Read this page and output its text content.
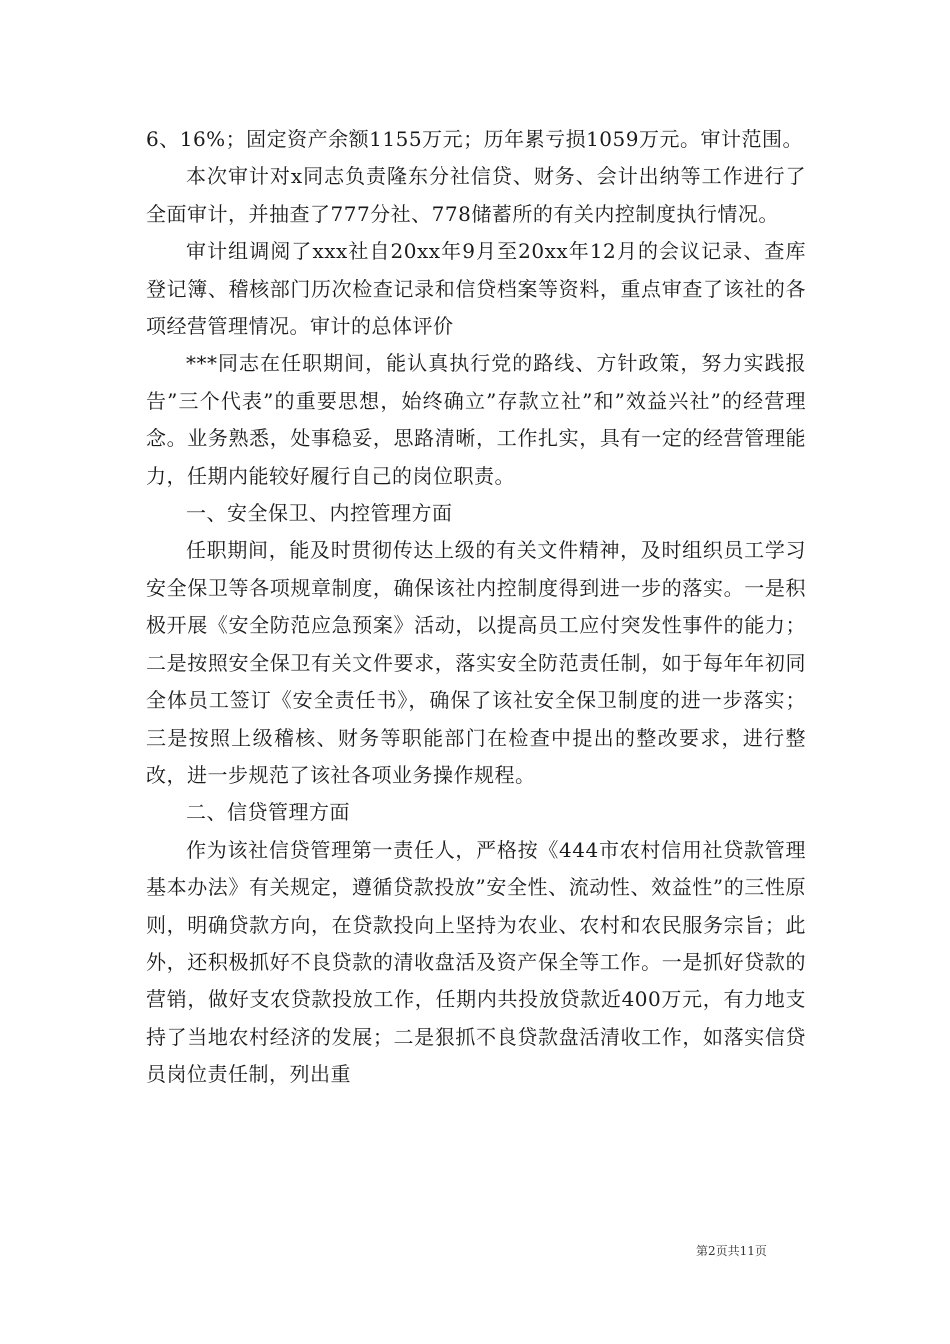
6、16%；固定资产余额1155万元；历年累亏损1059万元。审计范围。

本次审计对x同志负责隆东分社信贷、财务、会计出纳等工作进行了全面审计，并抽查了777分社、778储蓄所的有关内控制度执行情况。

审计组调阅了xxx社自20xx年9月至20xx年12月的会议记录、查库登记簿、稽核部门历次检查记录和信贷档案等资料，重点审查了该社的各项经营管理情况。审计的总体评价

***同志在任职期间，能认真执行党的路线、方针政策，努力实践报告”三个代表”的重要思想，始终确立”存款立社”和”效益兴社”的经营理念。业务熟悉，处事稳妥，思路清晰，工作扎实，具有一定的经营管理能力，任期内能较好履行自己的岗位职责。

一、安全保卫、内控管理方面

任职期间，能及时贯彻传达上级的有关文件精神，及时组织员工学习安全保卫等各项规章制度，确保该社内控制度得到进一步的落实。一是积极开展《安全防范应急预案》活动，以提高员工应付突发性事件的能力；二是按照安全保卫有关文件要求，落实安全防范责任制，如于每年年初同全体员工签订《安全责任书》，确保了该社安全保卫制度的进一步落实；三是按照上级稽核、财务等职能部门在检查中提出的整改要求，进行整改，进一步规范了该社各项业务操作规程。

二、信贷管理方面

作为该社信贷管理第一责任人，严格按《444市农村信用社贷款管理基本办法》有关规定，遵循贷款投放”安全性、流动性、效益性”的三性原则，明确贷款方向，在贷款投向上坚持为农业、农村和农民服务宗旨；此外，还积极抓好不良贷款的清收盘活及资产保全等工作。一是抓好贷款的营销，做好支农贷款投放工作，任期内共投放贷款近400万元，有力地支持了当地农村经济的发展；二是狠抓不良贷款盘活清收工作，如落实信贷员岗位责任制，列出重

第2页共11页
